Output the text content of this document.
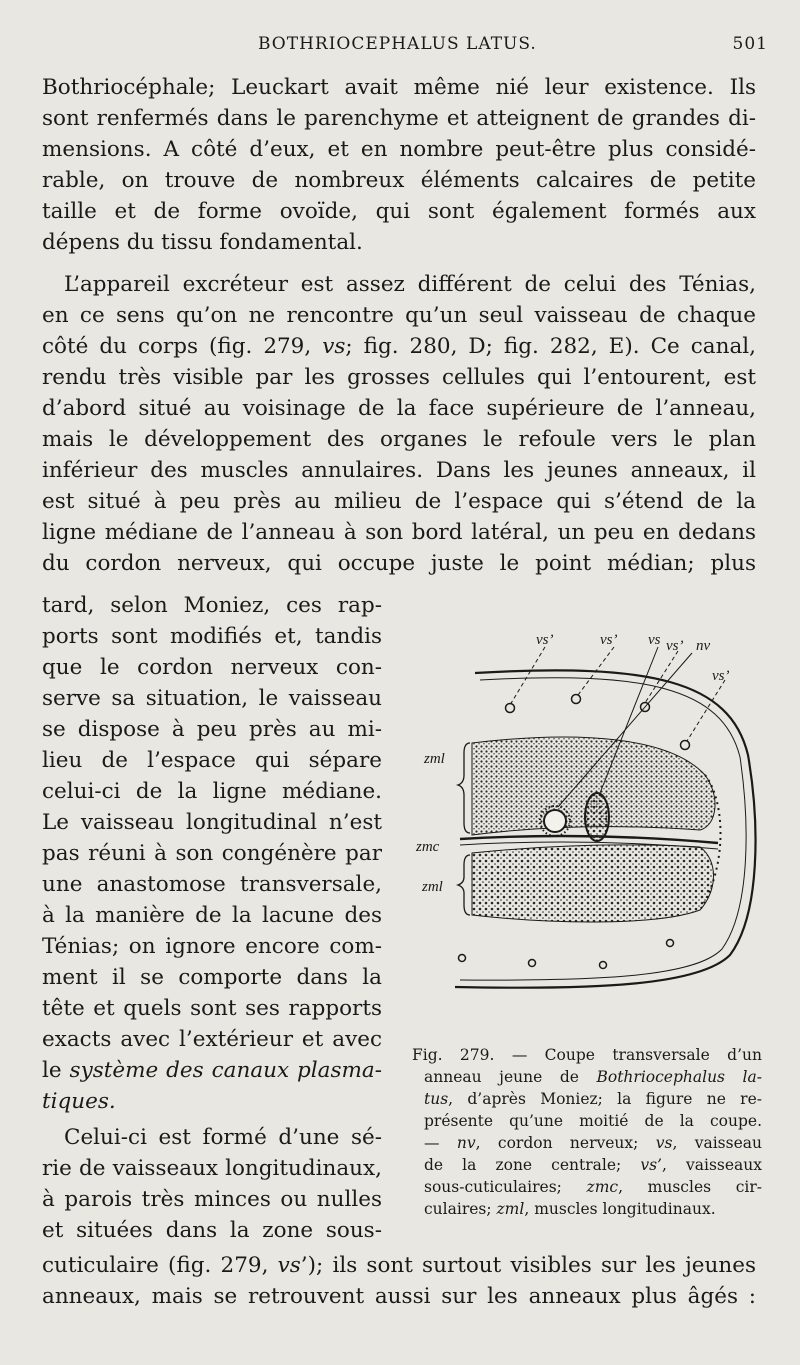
BOTHRIOCEPHALUS LATUS.	501
Bothriocéphale; Leuckart avait même nié leur existence. Ils
sont renfermés dans le parenchyme et atteignent de grandes di-
mensions. A côté d’eux, et en nombre peut-être plus considé-
rable, on trouve de nombreux éléments calcaires de petite
taille et de forme ovoïde, qui sont également formés aux
dépens du tissu fondamental.
L’appareil excréteur est assez différent de celui des Ténias,
en ce sens qu’on ne rencontre qu’un seul vaisseau de chaque
côté du corps (fig. 279, vs; fig. 280, D; fig. 282, E). Ce canal,
rendu très visible par les grosses cellules qui l’entourent, est
d’abord situé au voisinage de la face supérieure de l’anneau,
mais le développement des organes le refoule vers le plan
inférieur des muscles annulaires. Dans les jeunes anneaux, il
est situé à peu près au milieu de l’espace qui s’étend de la
ligne médiane de l’anneau à son bord latéral, un peu en dedans
du cordon nerveux, qui occupe juste le point médian; plus
tard, selon Moniez, ces rap-
ports sont modifiés et, tandis
que le cordon nerveux con-
serve sa situation, le vaisseau
se dispose à peu près au mi-
lieu de l’espace qui sépare
celui-ci de la ligne médiane.
Le vaisseau longitudinal n’est
pas réuni à son congénère par
une anastomose transversale,
à la manière de la lacune des
Ténias; on ignore encore com-
ment il se comporte dans la
tête et quels sont ses rapports
exacts avec l’extérieur et avec
le système des canaux plasma-
tiques.
Celui-ci est formé d’une sé-
rie de vaisseaux longitudinaux,
à parois très minces ou nulles
et situées dans la zone sous-
cuticulaire (fig. 279, vs’); ils sont surtout visibles sur les jeunes
anneaux, mais se retrouvent aussi sur les anneaux plus âgés :
vs’	vs’ vs vs’ nv
vs’
zml
zmc
zml
Fig. 279. — Coupe transversale d’un
anneau jeune de Bothriocephalus la-
tus, d’après Moniez; la figure ne re-
présente qu’une moitié de la coupe.
— nv, cordon nerveux; vs, vaisseau
de la zone centrale; vs’, vaisseaux
sous-cuticulaires; zmc, muscles cir-
culaires; zml, muscles longitudinaux.
